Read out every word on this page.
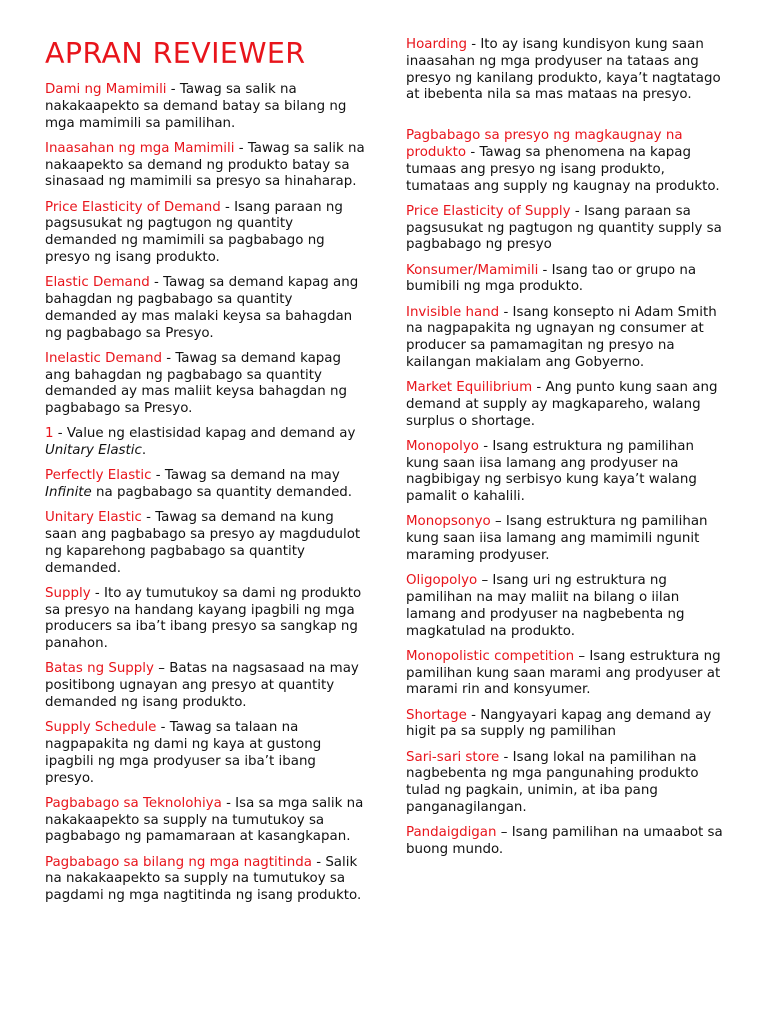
APRAN REVIEWER

Dami ng Mamimili - Tawag sa salik na nakakaapekto sa demand batay sa bilang ng mga mamimili sa pamilihan.

Inaasahan ng mga Mamimili - Tawag sa salik na nakaapekto sa demand ng produkto batay sa sinasaad ng mamimili sa presyo sa hinaharap.

Price Elasticity of Demand - Isang paraan ng pagsusukat ng pagtugon ng quantity demanded ng mamimili sa pagbabago ng presyo ng isang produkto.

Elastic Demand - Tawag sa demand kapag ang bahagdan ng pagbabago sa quantity demanded ay mas malaki keysa sa bahagdan ng pagbabago sa Presyo.

Inelastic Demand - Tawag sa demand kapag ang bahagdan ng pagbabago sa quantity demanded ay mas maliit keysa bahagdan ng pagbabago sa Presyo.

1 - Value ng elastisidad kapag and demand ay Unitary Elastic.

Perfectly Elastic - Tawag sa demand na may Infinite na pagbabago sa quantity demanded.

Unitary Elastic - Tawag sa demand na kung saan ang pagbabago sa presyo ay magdudulot ng kaparehong pagbabago sa quantity demanded.

Supply - Ito ay tumutukoy sa dami ng produkto sa presyo na handang kayang ipagbili ng mga producers sa iba’t ibang presyo sa sangkap ng panahon.

Batas ng Supply – Batas na nagsasaad na may positibong ugnayan ang presyo at quantity demanded ng isang produkto.

Supply Schedule - Tawag sa talaan na nagpapakita ng dami ng kaya at gustong ipagbili ng mga prodyuser sa iba’t ibang presyo.

Pagbabago sa Teknolohiya - Isa sa mga salik na nakakaapekto sa supply na tumutukoy sa pagbabago ng pamamaraan at kasangkapan.

Pagbabago sa bilang ng mga nagtitinda - Salik na nakakaapekto sa supply na tumutukoy sa pagdami ng mga nagtitinda ng isang produkto.

Hoarding - Ito ay isang kundisyon kung saan inaasahan ng mga prodyuser na tataas ang presyo ng kanilang produkto, kaya’t nagtatago at ibebenta nila sa mas mataas na presyo.

Pagbabago sa presyo ng magkaugnay na produkto - Tawag sa phenomena na kapag tumaas ang presyo ng isang produkto, tumataas ang supply ng kaugnay na produkto.

Price Elasticity of Supply - Isang paraan sa pagsusukat ng pagtugon ng quantity supply sa pagbabago ng presyo

Konsumer/Mamimili - Isang tao or grupo na bumibili ng mga produkto.

Invisible hand - Isang konsepto ni Adam Smith na nagpapakita ng ugnayan ng consumer at producer sa pamamagitan ng presyo na kailangan makialam ang Gobyerno.

Market Equilibrium - Ang punto kung saan ang demand at supply ay magkapareho, walang surplus o shortage.

Monopolyo - Isang estruktura ng pamilihan kung saan iisa lamang ang prodyuser na nagbibigay ng serbisyo kung kaya’t walang pamalit o kahalili.

Monopsonyo – Isang estruktura ng pamilihan kung saan iisa lamang ang mamimili ngunit maraming prodyuser.

Oligopolyo – Isang uri ng estruktura ng pamilihan na may maliit na bilang o iilan lamang and prodyuser na nagbebenta ng magkatulad na produkto.

Monopolistic competition – Isang estruktura ng pamilihan kung saan marami ang prodyuser at marami rin and konsyumer.

Shortage - Nangyayari kapag ang demand ay higit pa sa supply ng pamilihan

Sari-sari store - Isang lokal na pamilihan na nagbebenta ng mga pangunahing produkto tulad ng pagkain, unimin, at iba pang panganagilangan.

Pandaigdigan – Isang pamilihan na umaabot sa buong mundo.
